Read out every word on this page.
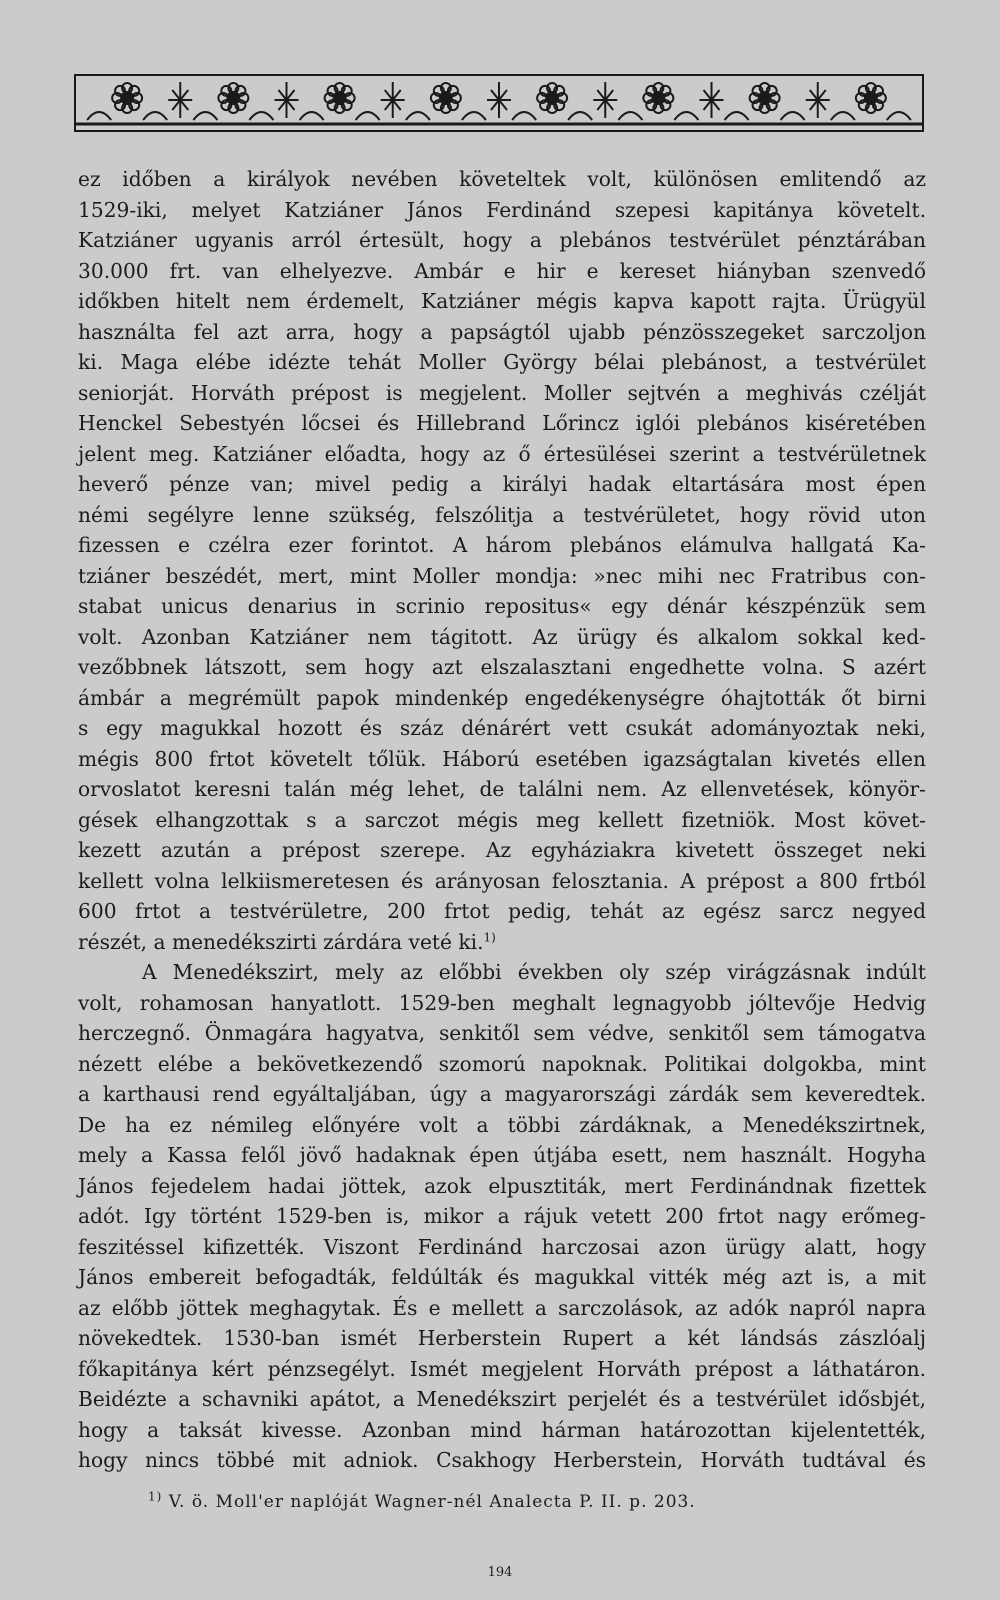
ez időben a királyok nevében követeltek volt, különösen emlitendő az
1529-iki, melyet Katziáner János Ferdinánd szepesi kapitánya követelt.
Katziáner ugyanis arról értesült, hogy a plebános testvérület pénztárában
30.000 frt. van elhelyezve. Ambár e hir e kereset hiányban szenvedő
időkben hitelt nem érdemelt, Katziáner mégis kapva kapott rajta. Ürügyül
használta fel azt arra, hogy a papságtól ujabb pénzösszegeket sarczoljon
ki. Maga elébe idézte tehát Moller György bélai plebánost, a testvérület
seniorját. Horváth prépost is megjelent. Moller sejtvén a meghivás czélját
Henckel Sebestyén lőcsei és Hillebrand Lőrincz iglói plebános kiséretében
jelent meg. Katziáner előadta, hogy az ő értesülései szerint a testvérületnek
heverő pénze van; mivel pedig a királyi hadak eltartására most épen
némi segélyre lenne szükség, felszólitja a testvérületet, hogy rövid uton
fizessen e czélra ezer forintot. A három plebános elámulva hallgatá Ka-
tziáner beszédét, mert, mint Moller mondja: »nec mihi nec Fratribus con-
stabat unicus denarius in scrinio repositus« egy dénár készpénzük sem
volt. Azonban Katziáner nem tágitott. Az ürügy és alkalom sokkal ked-
vezőbbnek látszott, sem hogy azt elszalasztani engedhette volna. S azért
ámbár a megrémült papok mindenkép engedékenységre óhajtották őt birni
s egy magukkal hozott és száz dénárért vett csukát adományoztak neki,
mégis 800 frtot követelt tőlük. Háború esetében igazságtalan kivetés ellen
orvoslatot keresni talán még lehet, de találni nem. Az ellenvetések, könyör-
gések elhangzottak s a sarczot mégis meg kellett fizetniök. Most követ-
kezett azután a prépost szerepe. Az egyháziakra kivetett összeget neki
kellett volna lelkiismeretesen és arányosan felosztania. A prépost a 800 frtból
600 frtot a testvérületre, 200 frtot pedig, tehát az egész sarcz negyed
részét, a menedékszirti zárdára veté ki.$^{1)}$
A Menedékszirt, mely az előbbi években oly szép virágzásnak indúlt
volt, rohamosan hanyatlott. 1529-ben meghalt legnagyobb jóltevője Hedvig
herczegnő. Önmagára hagyatva, senkitől sem védve, senkitől sem támogatva
nézett elébe a bekövetkezendő szomorú napoknak. Politikai dolgokba, mint
a karthausi rend egyáltaljában, úgy a magyarországi zárdák sem keveredtek.
De ha ez némileg előnyére volt a többi zárdáknak, a Menedékszirtnek,
mely a Kassa felől jövő hadaknak épen útjába esett, nem használt. Hogyha
János fejedelem hadai jöttek, azok elpusztiták, mert Ferdinándnak fizettek
adót. Igy történt 1529-ben is, mikor a rájuk vetett 200 frtot nagy erőmeg-
feszitéssel kifizették. Viszont Ferdinánd harczosai azon ürügy alatt, hogy
János embereit befogadták, feldúlták és magukkal vitték még azt is, a mit
az előbb jöttek meghagytak. És e mellett a sarczolások, az adók napról napra
növekedtek. 1530-ban ismét Herberstein Rupert a két lándsás zászlóalj
főkapitánya kért pénzsegélyt. Ismét megjelent Horváth prépost a láthatáron.
Beidézte a schavniki apátot, a Menedékszirt perjelét és a testvérület idősbjét,
hogy a taksát kivesse. Azonban mind hárman határozottan kijelentették,
hogy nincs többé mit adniok. Csakhogy Herberstein, Horváth tudtával és
$^{1)}$ V. ö. Moll'er naplóját Wagner-nél Analecta P. II. p. 203.
194
